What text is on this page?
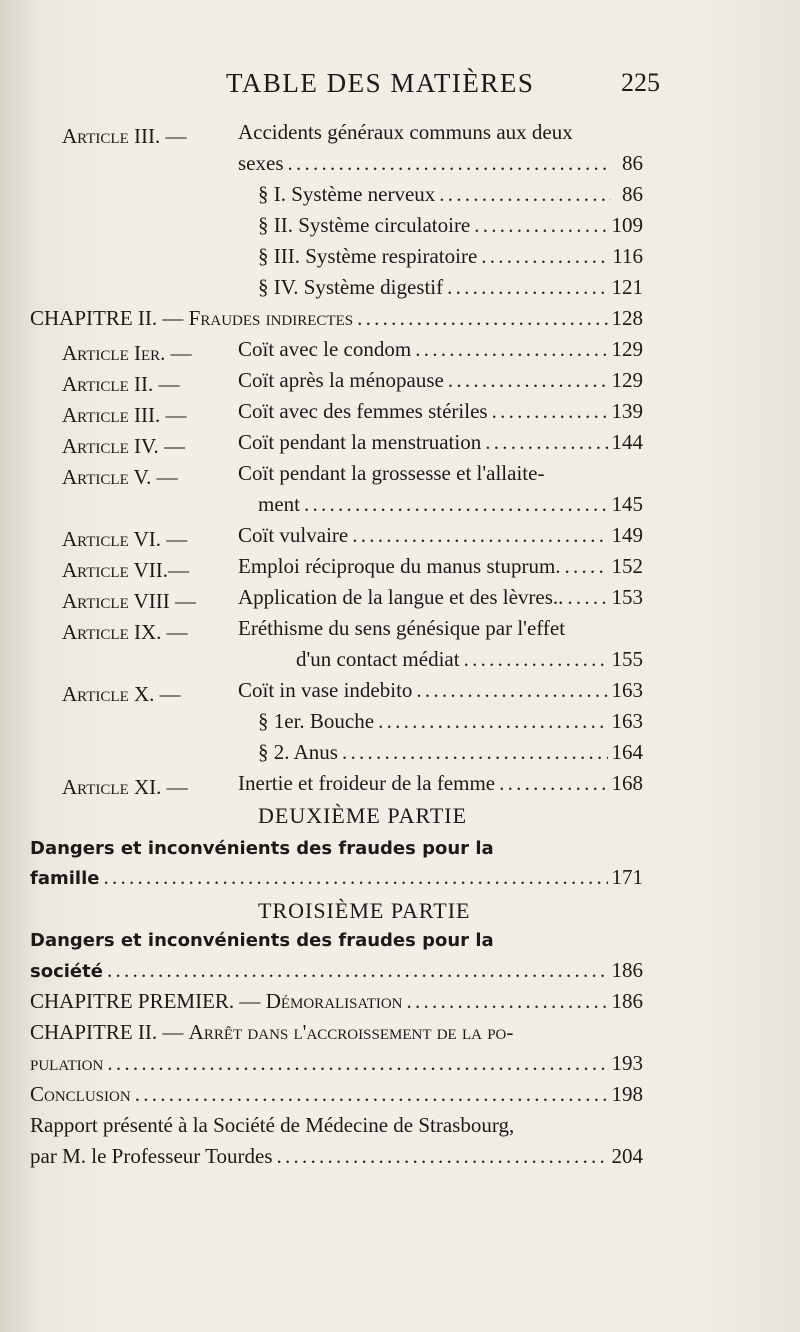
TABLE DES MATIÈRES	225
Article III. — Accidents généraux communs aux deux
sexes . . .	86
§ I. Système nerveux . . .	86
§ II. Système circulatoire . . .	109
§ III. Système respiratoire . . .	116
§ IV. Système digestif . . .	121
CHAPITRE II. —
Fraudes indirectes . . .	128
Article Ier. — Coït avec le condom . . .	129
Article II. —	Coït après la ménopause . . .	129
Article III. — Coït avec des femmes stériles . . .	139
Article IV. —	Coït pendant la menstruation . . .	144
Article V. —	Coït pendant la grossesse et l'allaite-
ment . . .	145
Article VI. — Coït vulvaire . . .	149
Article VII.— Emploi réciproque du manus stuprum. . . . 152
Article VIII — Application de la langue et des lèvres.. . . . 153
Article IX. — Eréthisme du sens génésique par l'effet
d'un contact médiat . . .	155
Article X. —	Coït in vase indebito . . .	163
§ 1er. Bouche . . .	163
§ 2. Anus . . .	164
Article XI. — Inertie et froideur de la femme . . .	168
DEUXIÈME PARTIE
Dangers et inconvénients des fraudes pour la
famille . . .	171
TROISIÈME PARTIE
Dangers et inconvénients des fraudes pour la
société . . .	186
CHAPITRE PREMIER. —
Démoralisation . . .	186
CHAPITRE II. —
Arrêt dans l'accroissement de la po-
pulation . . .	193
Conclusion . . .	198
Rapport présenté à la Société de Médecine de Strasbourg,
par M. le Professeur Tourdes . . .	204
